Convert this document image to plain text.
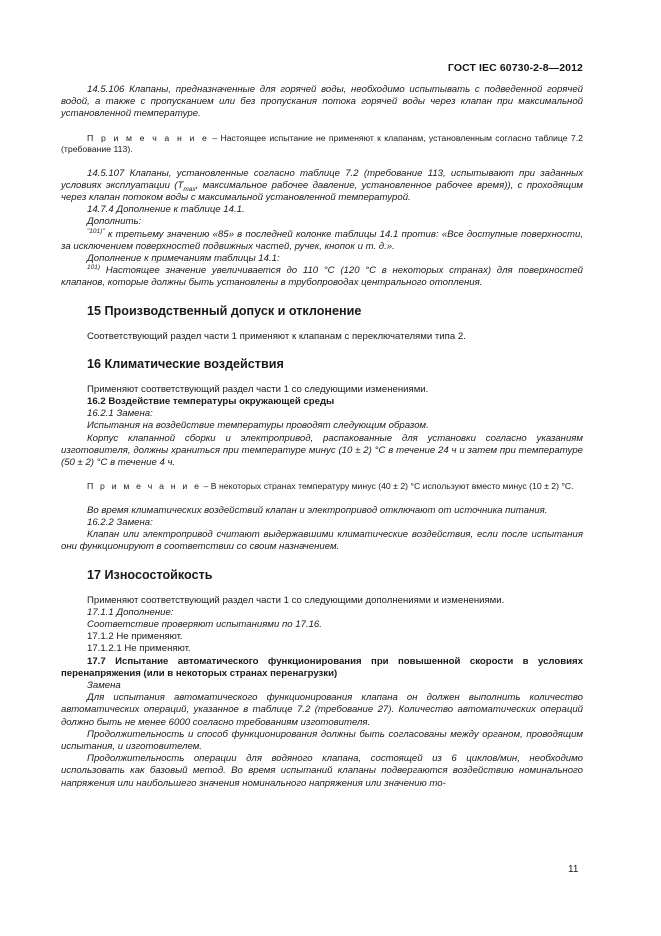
ГОСТ IEC 60730-2-8—2012

14.5.106 Клапаны, предназначенные для горячей воды, необходимо испытывать с подведенной горячей водой, а также с пропусканием или без пропускания потока горячей воды через клапан при максимальной установленной температуре.

П р и м е ч а н и е – Настоящее испытание не применяют к клапанам, установленным согласно таблице 7.2 (требование 113).

14.5.107 Клапаны, установленные согласно таблице 7.2 (требование 113, испытывают при заданных условиях эксплуатации ($T_{max}$, максимальное рабочее давление, установленное рабочее время)), с проходящим через клапан потоком воды с максимальной установленной температурой.

14.7.4 Дополнение к таблице 14.1.

Дополнить:

$^{"101)"}$ к третьему значению «85» в последней колонке таблицы 14.1 против: «Все доступные поверхности, за исключением поверхностей подвижных частей, ручек, кнопок и т. д.».

Дополнение к примечаниям таблицы 14.1:

$^{101)}$ Настоящее значение увеличивается до 110 °С (120 °С в некоторых странах) для поверхностей клапанов, которые должны быть установлены в трубопроводах центрального отопления.

15 Производственный допуск и отклонение

Соответствующий раздел части 1 применяют к клапанам с переключателями типа 2.

16 Климатические воздействия

Применяют соответствующий раздел части 1 со следующими изменениями.

16.2 Воздействие температуры окружающей среды

16.2.1 Замена:

Испытания на воздействие температуры проводят следующим образом.

Корпус клапанной сборки и электропривод, распакованные для установки согласно указаниям изготовителя, должны храниться при температуре минус (10 ± 2) °С в течение 24 ч и затем при температуре (50 ± 2) °С в течение 4 ч.

П р и м е ч а н и е – В некоторых странах температуру минус (40 ± 2) °С используют вместо минус (10 ± 2) °С.

Во время климатических воздействий клапан и электропривод отключают от источника питания.

16.2.2 Замена:

Клапан или электропривод считают выдержавшими климатические воздействия, если после испытания они функционируют в соответствии со своим назначением.

17 Износостойкость

Применяют соответствующий раздел части 1 со следующими дополнениями и изменениями.

17.1.1 Дополнение:

Соответствие проверяют испытаниями по 17.16.

17.1.2 Не применяют.

17.1.2.1 Не применяют.

17.7 Испытание автоматического функционирования при повышенной скорости в условиях перенапряжения (или в некоторых странах перенагрузки)

Замена

Для испытания автоматического функционирования клапана он должен выполнить количество автоматических операций, указанное в таблице 7.2 (требование 27). Количество автоматических операций должно быть не менее 6000 согласно требованиям изготовителя.

Продолжительность и способ функционирования должны быть согласованы между органом, проводящим испытания, и изготовителем.

Продолжительность операции для водяного клапана, состоящей из 6 циклов/мин, необходимо использовать как базовый метод. Во время испытаний клапаны подвергаются воздействию номинального напряжения или наибольшего значения номинального напряжения или значению то-

11
